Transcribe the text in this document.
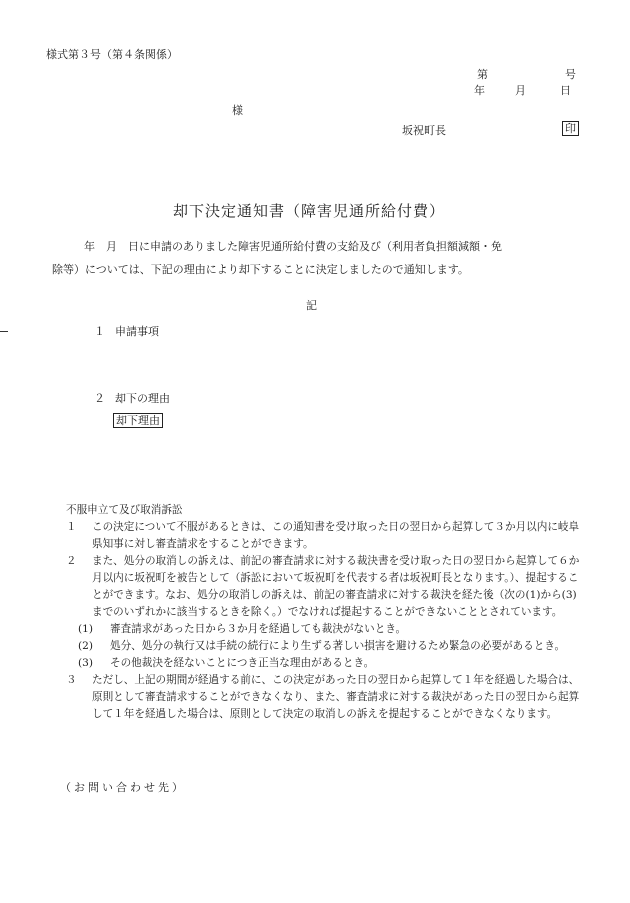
様式第３号（第４条関係）
第	号
年	月	日
様
坂祝町長	印
却下決定通知書（障害児通所給付費）
年　月　日に申請のありました障害児通所給付費の支給及び（利用者負担額減額・免
除等）については、下記の理由により却下することに決定しましたので通知します。
記
１ 申請事項
２ 却下の理由
却下理由
不服申立て及び取消訴訟
１ この決定について不服があるときは、この通知書を受け取った日の翌日から起算して３か月以内に岐阜県知事に対し審査請求をすることができます。
２ また、処分の取消しの訴えは、前記の審査請求に対する裁決書を受け取った日の翌日から起算して６か月以内に坂祝町を被告として（訴訟において坂祝町を代表する者は坂祝町長となります。）、提起することができます。なお、処分の取消しの訴えは、前記の審査請求に対する裁決を経た後（次の(1)から(3)までのいずれかに該当するときを除く。）でなければ提起することができないこととされています。
(1) 審査請求があった日から３か月を経過しても裁決がないとき。
(2) 処分、処分の執行又は手続の続行により生ずる著しい損害を避けるため緊急の必要があるとき。
(3) その他裁決を経ないことにつき正当な理由があるとき。
３ ただし、上記の期間が経過する前に、この決定があった日の翌日から起算して１年を経過した場合は、原則として審査請求することができなくなり、また、審査請求に対する裁決があった日の翌日から起算して１年を経過した場合は、原則として決定の取消しの訴えを提起することができなくなります。
（お問い合わせ先）
